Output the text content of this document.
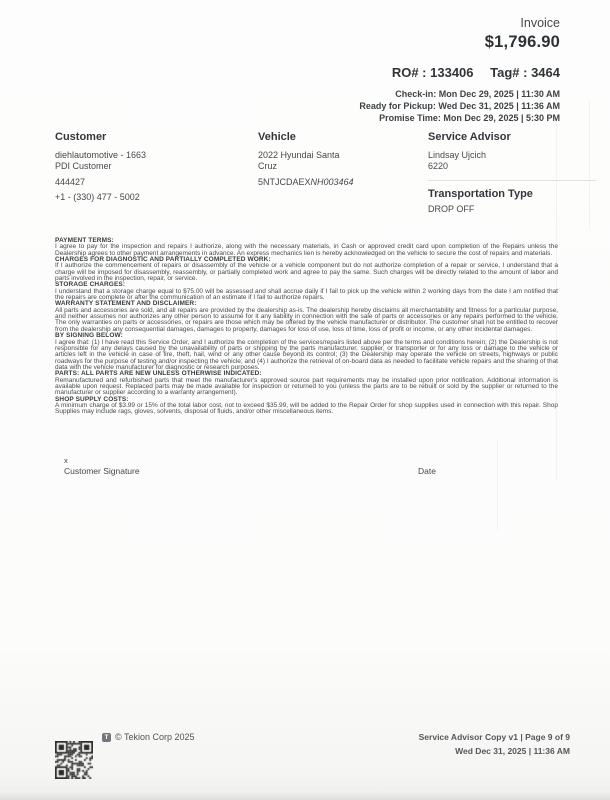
Invoice
$1,796.90
RO# : 133406 Tag# : 3464
Check-in: Mon Dec 29, 2025 | 11:30 AM
Ready for Pickup: Wed Dec 31, 2025 | 11:36 AM
Promise Time: Mon Dec 29, 2025 | 5:30 PM
Customer
diehlautomotive - 1663
PDI Customer
444427
+1 - (330) 477 - 5002
Vehicle
2022 Hyundai Santa Cruz
5NTJCDAEXNH003464
Service Advisor
Lindsay Ujcich
6220
Transportation Type
DROP OFF
PAYMENT TERMS:
I agree to pay for the inspection and repairs I authorize, along with the necessary materials, in Cash or approved credit card upon completion of the Repairs unless the Dealership agrees to other payment arrangements in advance. An express mechanics lien is hereby acknowledged on the vehicle to secure the cost of repairs and materials.
CHARGES FOR DIAGNOSTIC AND PARTIALLY COMPLETED WORK:
If I authorize the commencement of repairs or disassembly of the vehicle or a vehicle component but do not authorize completion of a repair or service, I understand that a charge will be imposed for disassembly, reassembly, or partially completed work and agree to pay the same. Such charges will be directly related to the amount of labor and parts involved in the inspection, repair, or service.
STORAGE CHARGES:
I understand that a storage charge equal to $75.00 will be assessed and shall accrue daily if I fail to pick up the vehicle within 2 working days from the date I am notified that the repairs are complete or after the communication of an estimate if I fail to authorize repairs.
WARRANTY STATEMENT AND DISCLAIMER:
All parts and accessories are sold, and all repairs are provided by the dealership as-is. The dealership hereby disclaims all merchantability and fitness for a particular purpose, and neither assumes nor authorizes any other person to assume for it any liability in connection with the sale of parts or accessories or any repairs performed to the vehicle. The only warranties on parts or accessories, or repairs are those which may be offered by the vehicle manufacturer or distributor. The customer shall not be entitled to recover from the dealership any consequential damages, damages to property, damages for loss of use, loss of time, loss of profit or income, or any other incidental damages.
BY SIGNING BELOW:
I agree that: (1) I have read this Service Order, and I authorize the completion of the services/repairs listed above per the terms and conditions herein; (2) the Dealership is not responsible for any delays caused by the unavailability of parts or shipping by the parts manufacturer, supplier, or transporter or for any loss or damage to the vehicle or articles left in the vehicle in case of fire, theft, hail, wind or any other cause beyond its control; (3) the Dealership may operate the vehicle on streets, highways or public roadways for the purpose of testing and/or inspecting the vehicle; and (4) I authorize the retrieval of on-board data as needed to facilitate vehicle repairs and the sharing of that data with the vehicle manufacturer for diagnostic or research purposes.
PARTS: ALL PARTS ARE NEW UNLESS OTHERWISE INDICATED:
Remanufactured and refurbished parts that meet the manufacturer's approved source part requirements may be installed upon prior notification. Additional information is available upon request. Replaced parts may be made available for inspection or returned to you (unless the parts are to be rebuilt or sold by the supplier or returned to the manufacturer or supplier according to a warranty arrangement).
SHOP SUPPLY COSTS:
A minimum charge of $3.99 or 15% of the total labor cost, not to exceed $35.99, will be added to the Repair Order for shop supplies used in connection with this repair. Shop Supplies may include rags, gloves, solvents, disposal of fluids, and/or other miscellaneous items.
x
Customer Signature	Date
T © Tekion Corp 2025	Service Advisor Copy v1 | Page 9 of 9
Wed Dec 31, 2025 | 11:36 AM
